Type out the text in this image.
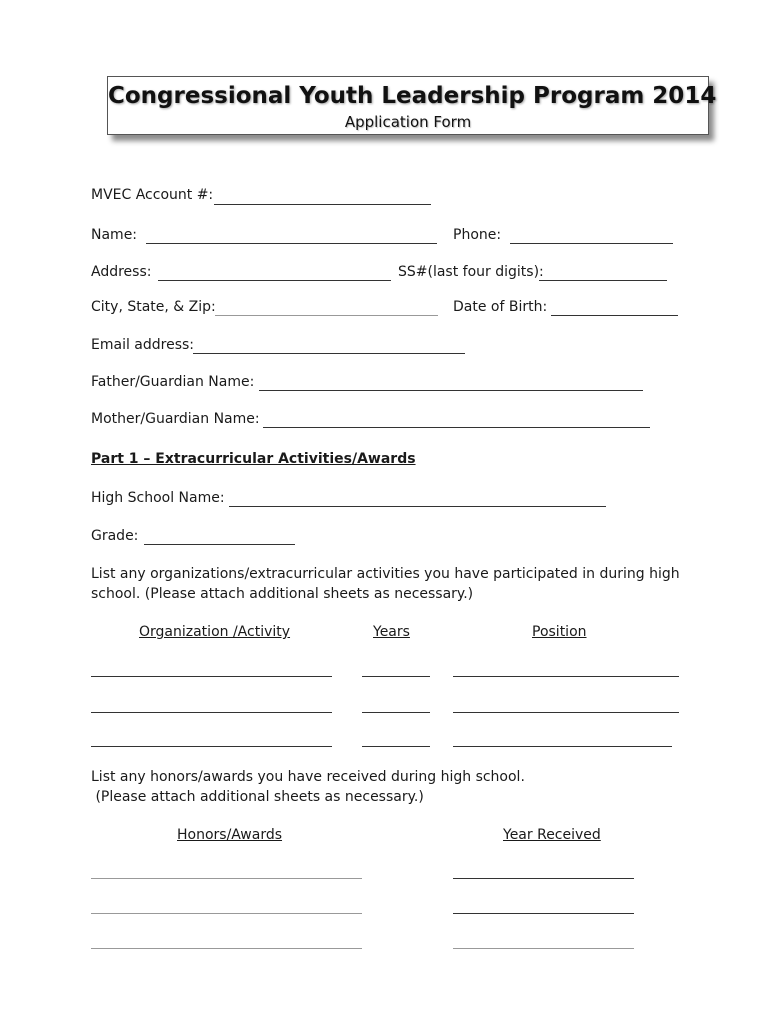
Congressional Youth Leadership Program 2014
Application Form
MVEC Account #:
Name:	Phone:
Address:	SS#(last four digits):
City, State, & Zip:	Date of Birth:
Email address:
Father/Guardian Name:
Mother/Guardian Name:
Part 1 – Extracurricular Activities/Awards
High School Name:
Grade:
List any organizations/extracurricular activities you have participated in during high
school. (Please attach additional sheets as necessary.)
Organization /Activity	Years	Position
List any honors/awards you have received during high school.
(Please attach additional sheets as necessary.)
Honors/Awards	Year Received
